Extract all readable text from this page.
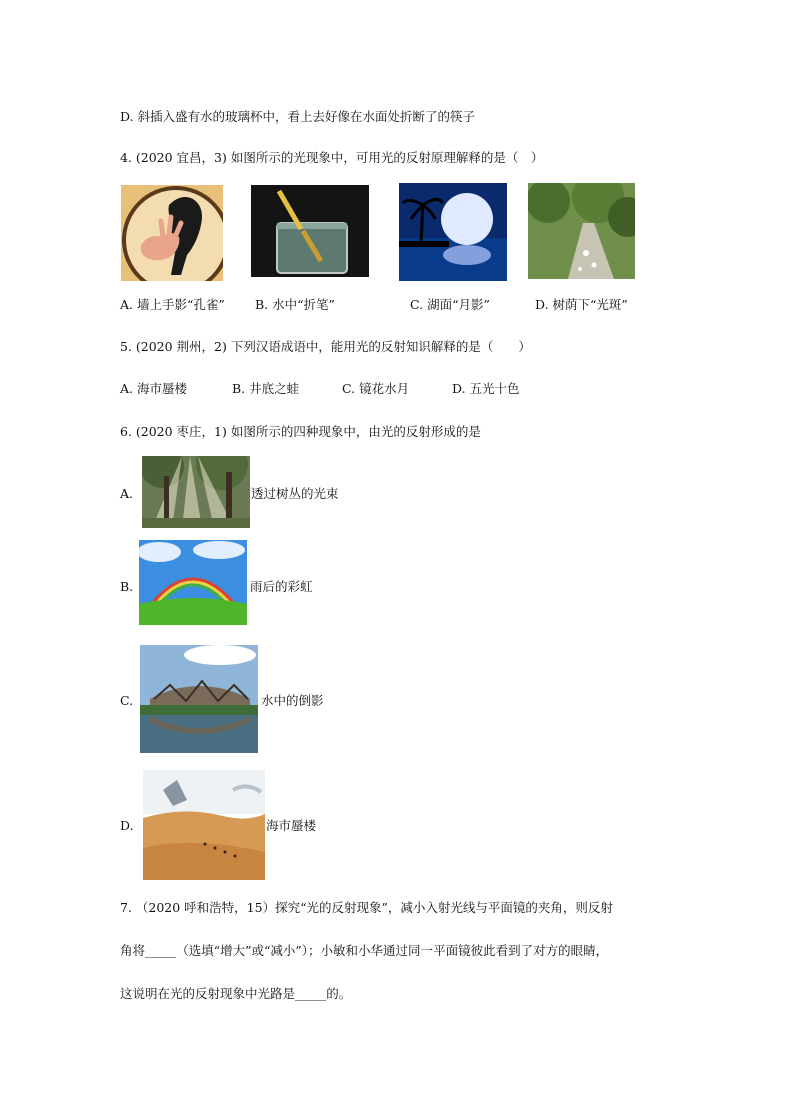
D. 斜插入盛有水的玻璃杯中，看上去好像在水面处折断了的筷子
4. (2020 宜昌，3) 如图所示的光现象中，可用光的反射原理解释的是（　）
A. 墙上手影“孔雀” B. 水中“折笔”	C. 湖面“月影”	D. 树荫下“光斑”
5. (2020 荆州，2) 下列汉语成语中，能用光的反射知识解释的是（　　）
A. 海市蜃楼	B. 井底之蛙	C. 镜花水月	D. 五光十色
6. (2020 枣庄，1) 如图所示的四种现象中，由光的反射形成的是
A.	透过树丛的光束
B.	雨后的彩虹
C.	水中的倒影
D.	海市蜃楼
7. （2020 呼和浩特，15）探究“光的反射现象”，减小入射光线与平面镜的夹角，则反射
角将_____（选填“增大”或“减小”）；小敏和小华通过同一平面镜彼此看到了对方的眼睛，
这说明在光的反射现象中光路是_____的。
